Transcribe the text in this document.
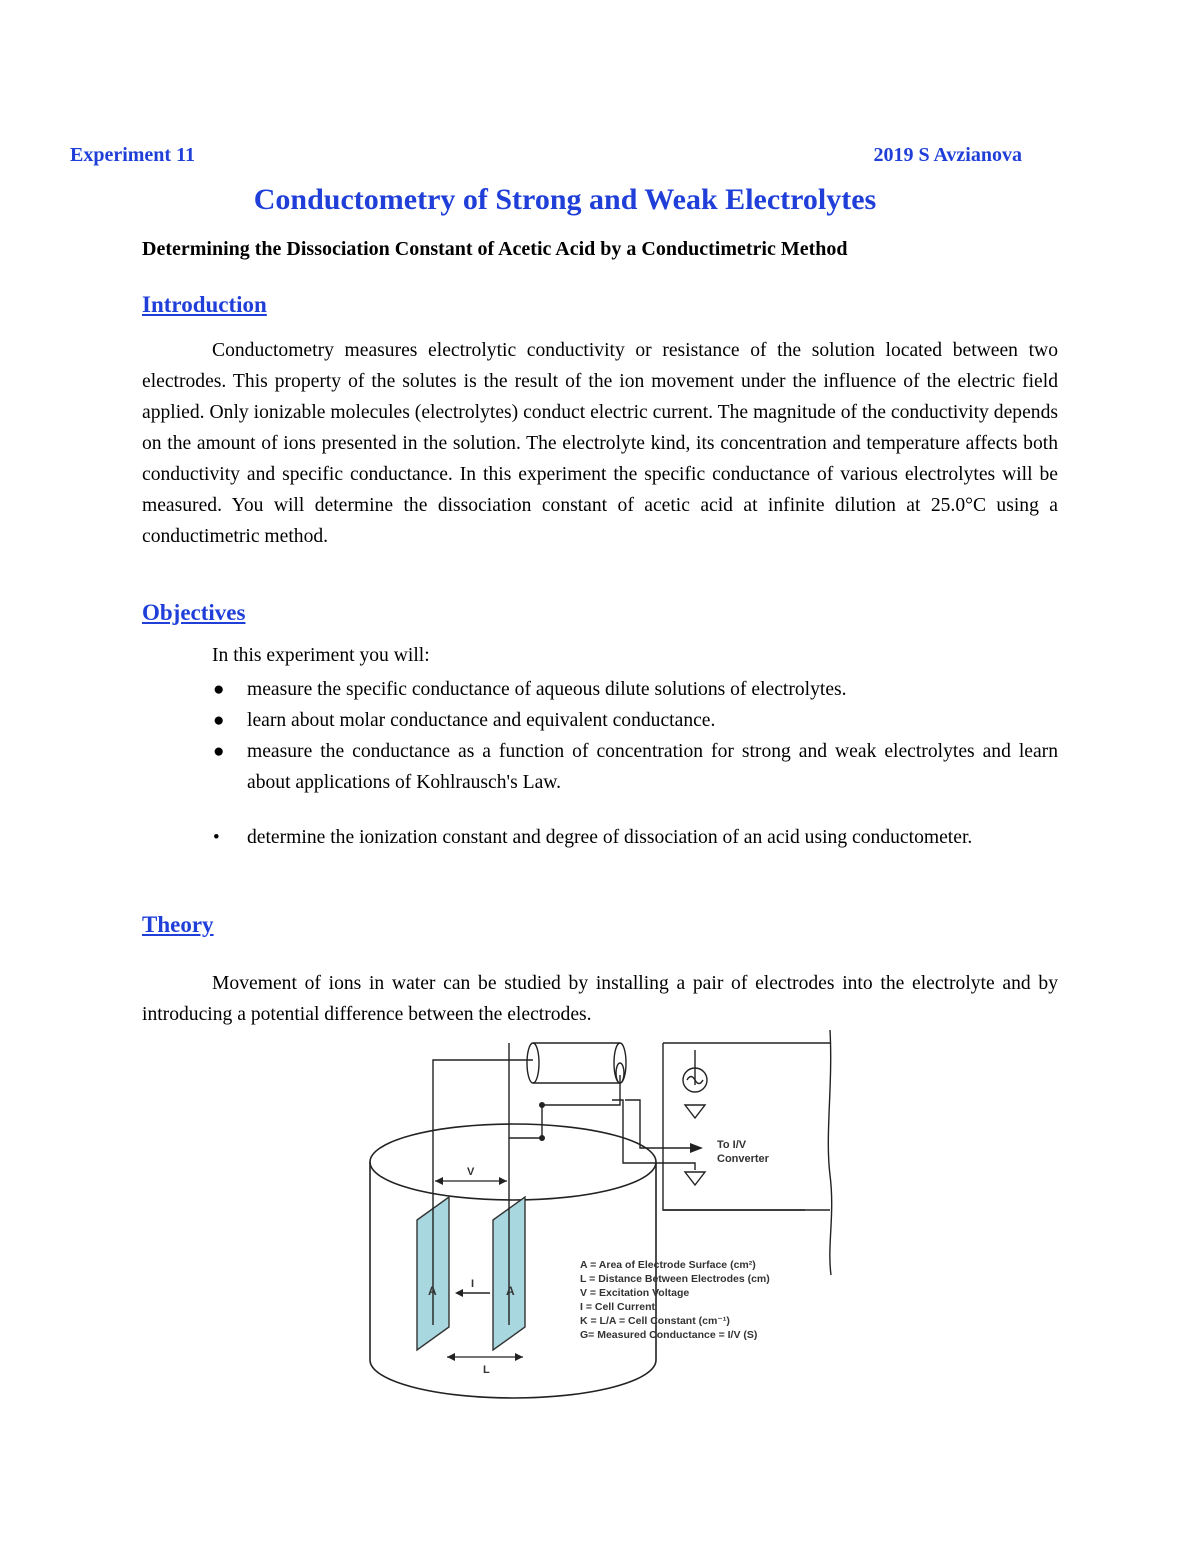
Experiment 11	2019 S Avzianova
Conductometry of Strong and Weak Electrolytes
Determining the Dissociation Constant of Acetic Acid by a Conductimetric Method
Introduction

Conductometry measures electrolytic conductivity or resistance of the solution located between two electrodes. This property of the solutes is the result of the ion movement under the influence of the electric field applied. Only ionizable molecules (electrolytes) conduct electric current. The magnitude of the conductivity depends on the amount of ions presented in the solution. The electrolyte kind, its concentration and temperature affects both conductivity and specific conductance. In this experiment the specific conductance of various electrolytes will be measured. You will determine the dissociation constant of acetic acid at infinite dilution at 25.0°C using a conductimetric method.

Objectives
In this experiment you will:
● measure the specific conductance of aqueous dilute solutions of electrolytes.
● learn about molar conductance and equivalent conductance.
● measure the conductance as a function of concentration for strong and weak electrolytes and learn about applications of Kohlrausch's Law.
• determine the ionization constant and degree of dissociation of an acid using conductometer.
Theory

Movement of ions in water can be studied by installing a pair of electrodes into the electrolyte and by introducing a potential difference between the electrodes.

To I/V
Converter
V
I
L
A	A
A = Area of Electrode Surface (cm²)
L = Distance Between Electrodes (cm)
V = Excitation Voltage
I = Cell Current
K = L/A = Cell Constant (cm⁻¹)
G= Measured Conductance = I/V (S)
